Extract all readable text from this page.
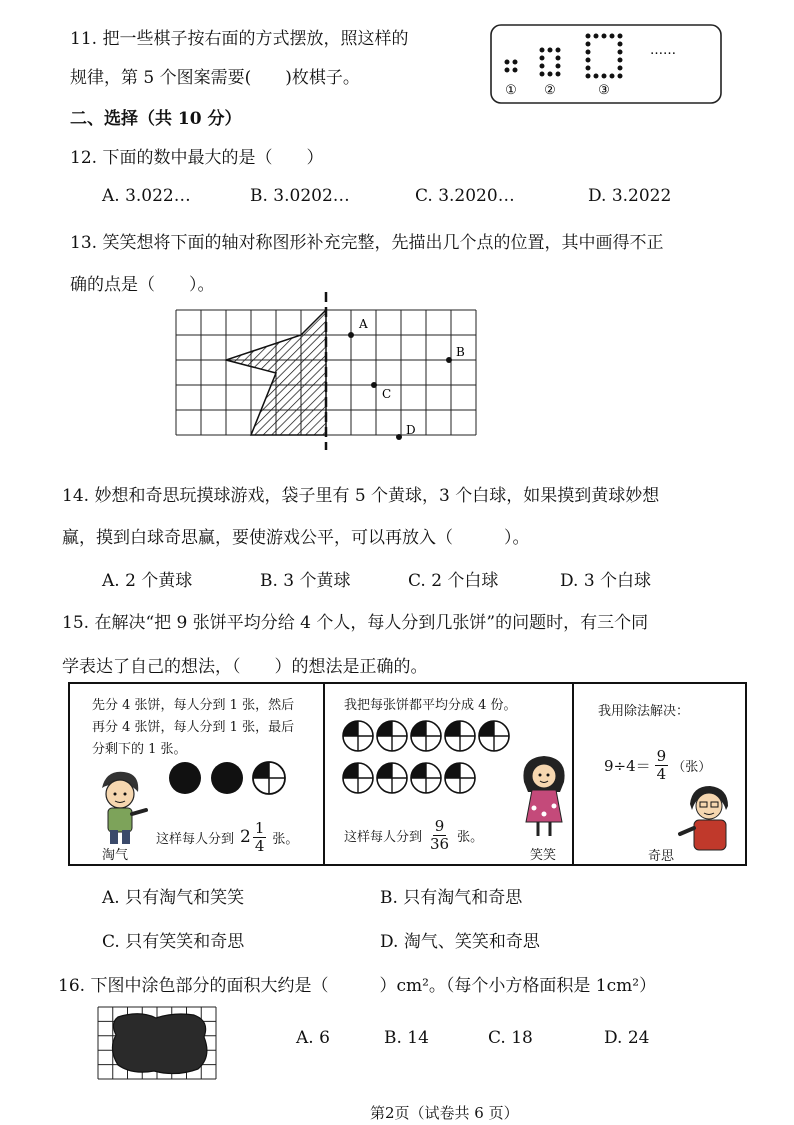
11. 把一些棋子按右面的方式摆放，照这样的
规律，第 5 个图案需要(　　)枚棋子。
① ②	③
……
二、选择（共 10 分）
12. 下面的数中最大的是（　　）
A. 3.022…	B. 3.0202…	C. 3.2020…	D. 3.2022
13. 笑笑想将下面的轴对称图形补充完整，先描出几个点的位置，其中画得不正
确的点是（　　）。
A
B
C
D
14. 妙想和奇思玩摸球游戏，袋子里有 5 个黄球，3 个白球，如果摸到黄球妙想
赢，摸到白球奇思赢，要使游戏公平，可以再放入（　　　）。
A. 2 个黄球	B. 3 个黄球	C. 2 个白球	D. 3 个白球
15. 在解决“把 9 张饼平均分给 4 个人，每人分到几张饼”的问题时，有三个同
学表达了自己的想法，（　　）的想法是正确的。
先分 4 张饼，每人分到 1 张，然后
再分 4 张饼，每人分到 1 张，最后
分剩下的 1 张。
淘气
这样每人分到 $2 \frac{1}{4}$ 张。
我把每张饼都平均分成 4 份。
笑笑
这样每人分到 $\frac{9}{36}$ 张。
我用除法解决：
$9\div 4= \frac{9}{4}$ （张）
奇思
A. 只有淘气和笑笑	B. 只有淘气和奇思
C. 只有笑笑和奇思	D. 淘气、笑笑和奇思
16. 下图中涂色部分的面积大约是（　　　）cm²。（每个小方格面积是 1cm²）
A. 6	B. 14	C. 18	D. 24
第2页（试卷共 6 页）
